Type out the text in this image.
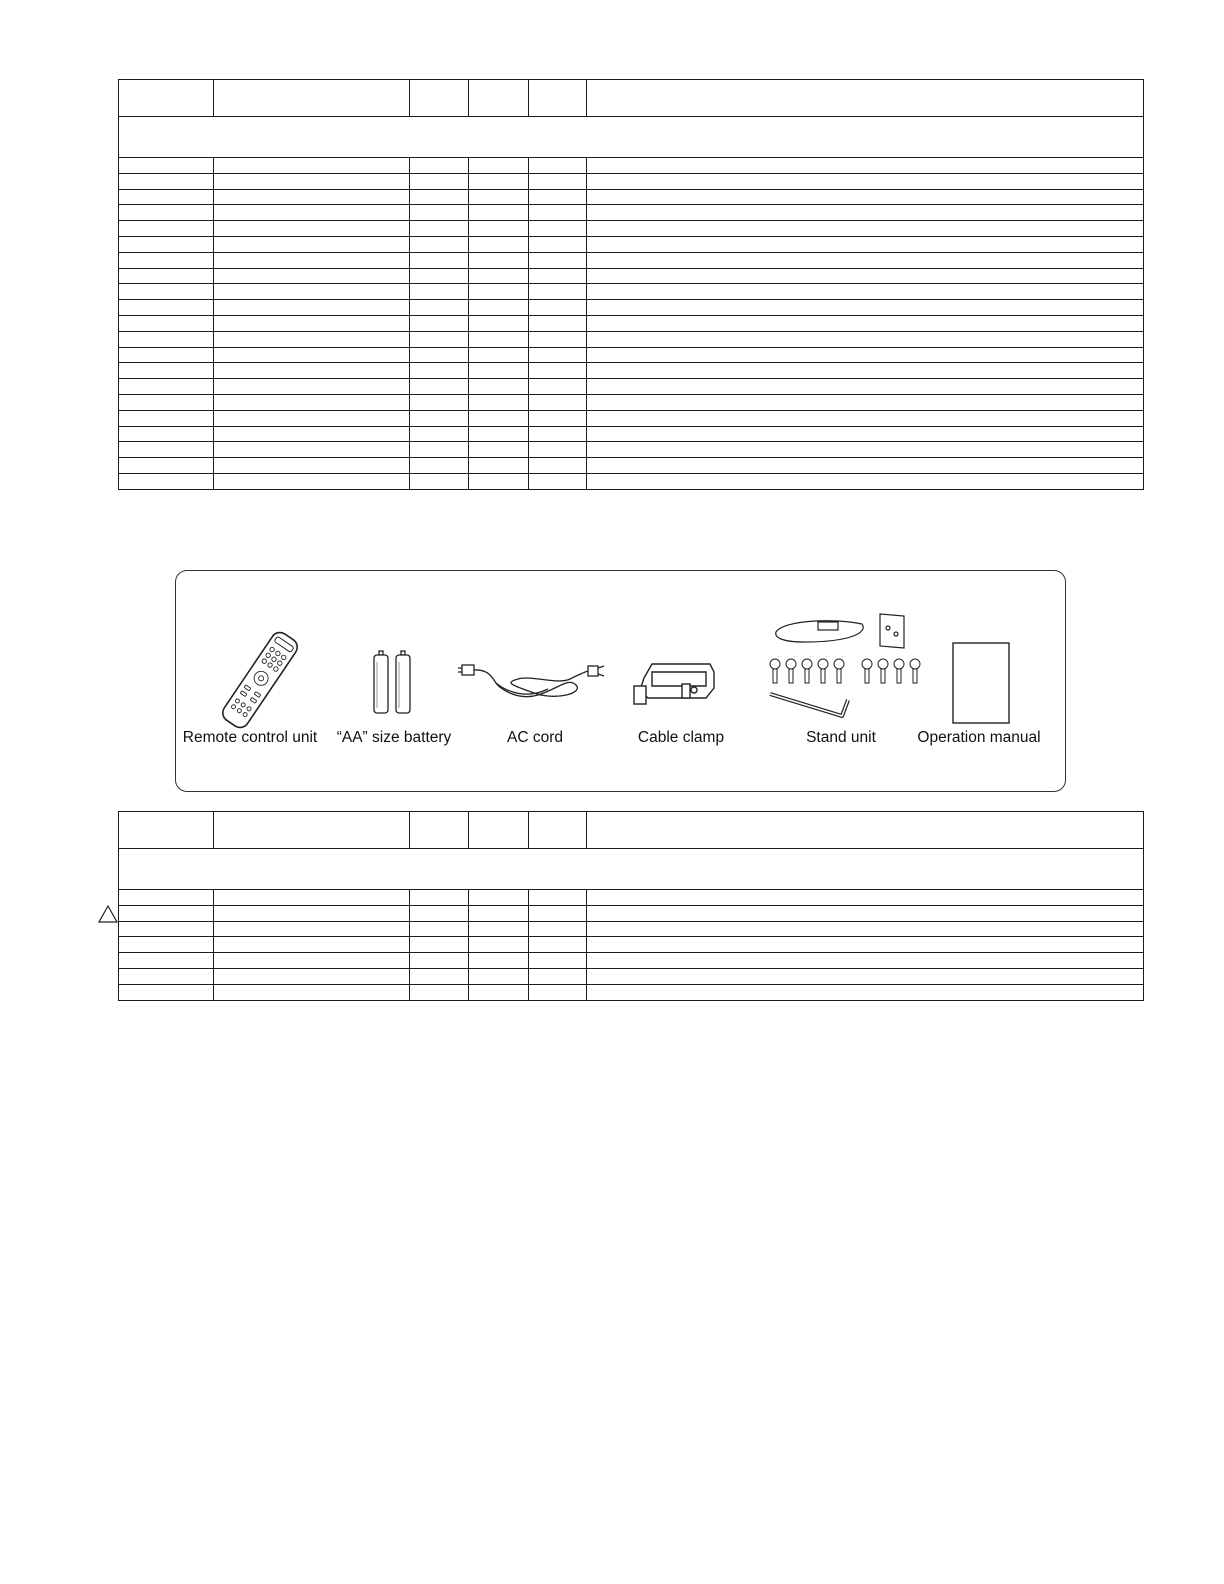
Remote control unit “AA” size battery	AC cord	Cable clamp	Stand unit	Operation manual
